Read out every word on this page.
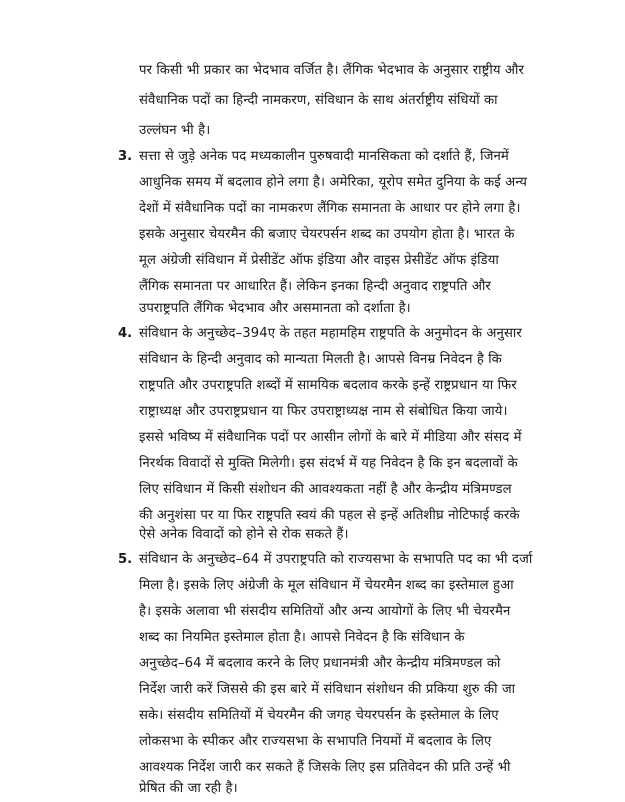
पर किसी भी प्रकार का भेदभाव वर्जित है। लैंगिक भेदभाव के अनुसार राष्ट्रीय और
संवैधानिक पदों का हिन्दी नामकरण, संविधान के साथ अंतर्राष्ट्रीय संधियों का
उल्लंघन भी है।
3. सत्ता से जुड़े अनेक पद मध्यकालीन पुरुषवादी मानसिकता को दर्शाते हैं, जिनमें
आधुनिक समय में बदलाव होने लगा है। अमेरिका, यूरोप समेत दुनिया के कई अन्य
देशों में संवैधानिक पदों का नामकरण लैंगिक समानता के आधार पर होने लगा है।
इसके अनुसार चेयरमैन की बजाए चेयरपर्सन शब्द का उपयोग होता है। भारत के
मूल अंग्रेजी संविधान में प्रेसीडेंट ऑफ इंडिया और वाइस प्रेसीडेंट ऑफ इंडिया
लैंगिक समानता पर आधारित हैं। लेकिन इनका हिन्दी अनुवाद राष्ट्रपति और
उपराष्ट्रपति लैंगिक भेदभाव और असमानता को दर्शाता है।
4. संविधान के अनुच्छेद–394ए के तहत महामहिम राष्ट्रपति के अनुमोदन के अनुसार
संविधान के हिन्दी अनुवाद को मान्यता मिलती है। आपसे विनम्र निवेदन है कि
राष्ट्रपति और उपराष्ट्रपति शब्दों में सामयिक बदलाव करके इन्हें राष्ट्रप्रधान या फिर
राष्ट्राध्यक्ष और उपराष्ट्रप्रधान या फिर उपराष्ट्राध्यक्ष नाम से संबोधित किया जाये।
इससे भविष्य में संवैधानिक पदों पर आसीन लोगों के बारे में मीडिया और संसद में
निरर्थक विवादों से मुक्ति मिलेगी। इस संदर्भ में यह निवेदन है कि इन बदलावों के
लिए संविधान में किसी संशोधन की आवश्यकता नहीं है और केन्द्रीय मंत्रिमण्डल
की अनुशंसा पर या फिर राष्ट्रपति स्वयं की पहल से इन्हें अतिशीघ्र नोटिफाई करके
ऐसे अनेक विवादों को होने से रोक सकते हैं।
5. संविधान के अनुच्छेद–64 में उपराष्ट्रपति को राज्यसभा के सभापति पद का भी दर्जा
मिला है। इसके लिए अंग्रेजी के मूल संविधान में चेयरमैन शब्द का इस्तेमाल हुआ
है। इसके अलावा भी संसदीय समितियों और अन्य आयोगों के लिए भी चेयरमैन
शब्द का नियमित इस्तेमाल होता है। आपसे निवेदन है कि संविधान के
अनुच्छेद–64 में बदलाव करने के लिए प्रधानमंत्री और केन्द्रीय मंत्रिमण्डल को
निर्देश जारी करें जिससे की इस बारे में संविधान संशोधन की प्रकिया शुरु की जा
सके। संसदीय समितियों में चेयरमैन की जगह चेयरपर्सन के इस्तेमाल के लिए
लोकसभा के स्पीकर और राज्यसभा के सभापति नियमों में बदलाव के लिए
आवश्यक निर्देश जारी कर सकते हैं जिसके लिए इस प्रतिवेदन की प्रति उन्हें भी
प्रेषित की जा रही है।
